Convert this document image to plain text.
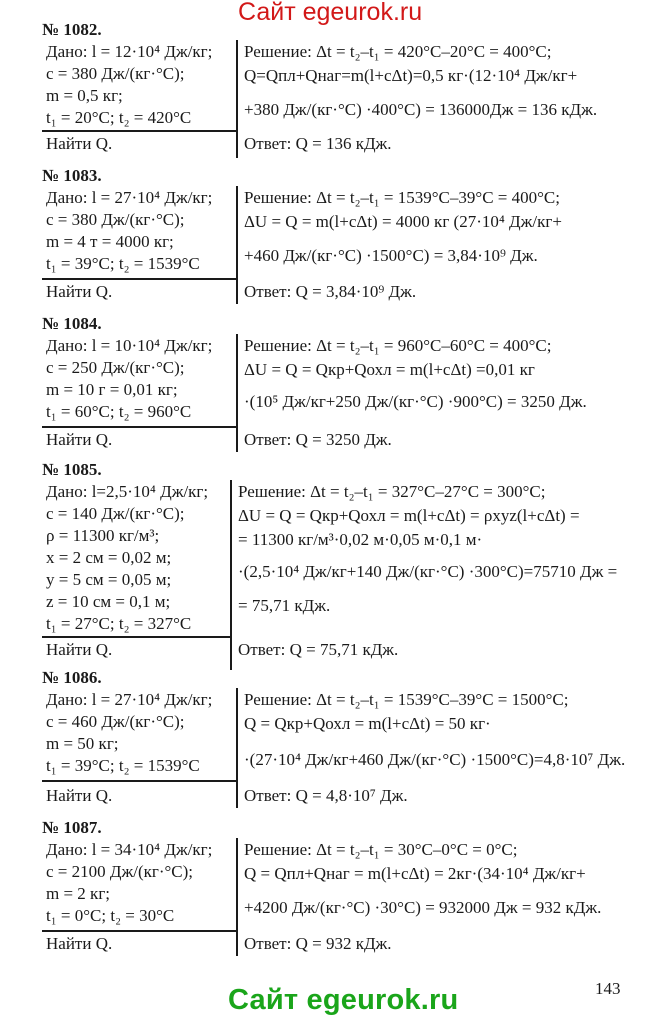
Сайт egeurok.ru
№ 1082.
Дано: l = 12·10⁴ Дж/кг;
c = 380 Дж/(кг·°С);
m = 0,5 кг;
t₁ = 20°С; t₂ = 420°С
Найти Q.
Решение: Δt = t₂–t₁ = 420°С–20°С = 400°С;
Q=Qпл+Qнаг=m(l+cΔt)=0,5 кг·(12·10⁴ Дж/кг+
+380 Дж/(кг·°С) ·400°С) = 136000Дж = 136 кДж.
Ответ: Q = 136 кДж.
№ 1083.
Дано: l = 27·10⁴ Дж/кг;
c = 380 Дж/(кг·°С);
m = 4 т = 4000 кг;
t₁ = 39°С; t₂ = 1539°С
Найти Q.
Решение: Δt = t₂–t₁ = 1539°С–39°С = 400°С;
ΔU = Q = m(l+cΔt) = 4000 кг (27·10⁴ Дж/кг+
+460 Дж/(кг·°С) ·1500°С) = 3,84·10⁹ Дж.
Ответ: Q = 3,84·10⁹ Дж.
№ 1084.
Дано: l = 10·10⁴ Дж/кг;
c = 250 Дж/(кг·°С);
m = 10 г = 0,01 кг;
t₁ = 60°С; t₂ = 960°С
Найти Q.
Решение: Δt = t₂–t₁ = 960°С–60°С = 400°С;
ΔU = Q = Qкр+Qохл = m(l+cΔt) =0,01 кг
·(10⁵ Дж/кг+250 Дж/(кг·°С) ·900°С) = 3250 Дж.
Ответ: Q = 3250 Дж.
№ 1085.
Дано: l=2,5·10⁴ Дж/кг;
c = 140 Дж/(кг·°С);
ρ = 11300 кг/м³;
x = 2 см = 0,02 м;
y = 5 см = 0,05 м;
z = 10 см = 0,1 м;
t₁ = 27°С; t₂ = 327°С
Найти Q.
Решение: Δt = t₂–t₁ = 327°С–27°С = 300°С;
ΔU = Q = Qкр+Qохл = m(l+cΔt) = ρxyz(l+cΔt) =
= 11300 кг/м³·0,02 м·0,05 м·0,1 м·
·(2,5·10⁴ Дж/кг+140 Дж/(кг·°С) ·300°С)=75710 Дж =
= 75,71 кДж.
Ответ: Q = 75,71 кДж.
№ 1086.
Дано: l = 27·10⁴ Дж/кг;
c = 460 Дж/(кг·°С);
m = 50 кг;
t₁ = 39°С; t₂ = 1539°С
Найти Q.
Решение: Δt = t₂–t₁ = 1539°С–39°С = 1500°С;
Q = Qкр+Qохл = m(l+cΔt) = 50 кг·
·(27·10⁴ Дж/кг+460 Дж/(кг·°С) ·1500°С)=4,8·10⁷ Дж.
Ответ: Q = 4,8·10⁷ Дж.
№ 1087.
Дано: l = 34·10⁴ Дж/кг;
c = 2100 Дж/(кг·°С);
m = 2 кг;
t₁ = 0°С; t₂ = 30°С
Найти Q.
Решение: Δt = t₂–t₁ = 30°С–0°С = 0°С;
Q = Qпл+Qнаг = m(l+cΔt) = 2кг·(34·10⁴ Дж/кг+
+4200 Дж/(кг·°С) ·30°С) = 932000 Дж = 932 кДж.
Ответ: Q = 932 кДж.
143
Сайт egeurok.ru
